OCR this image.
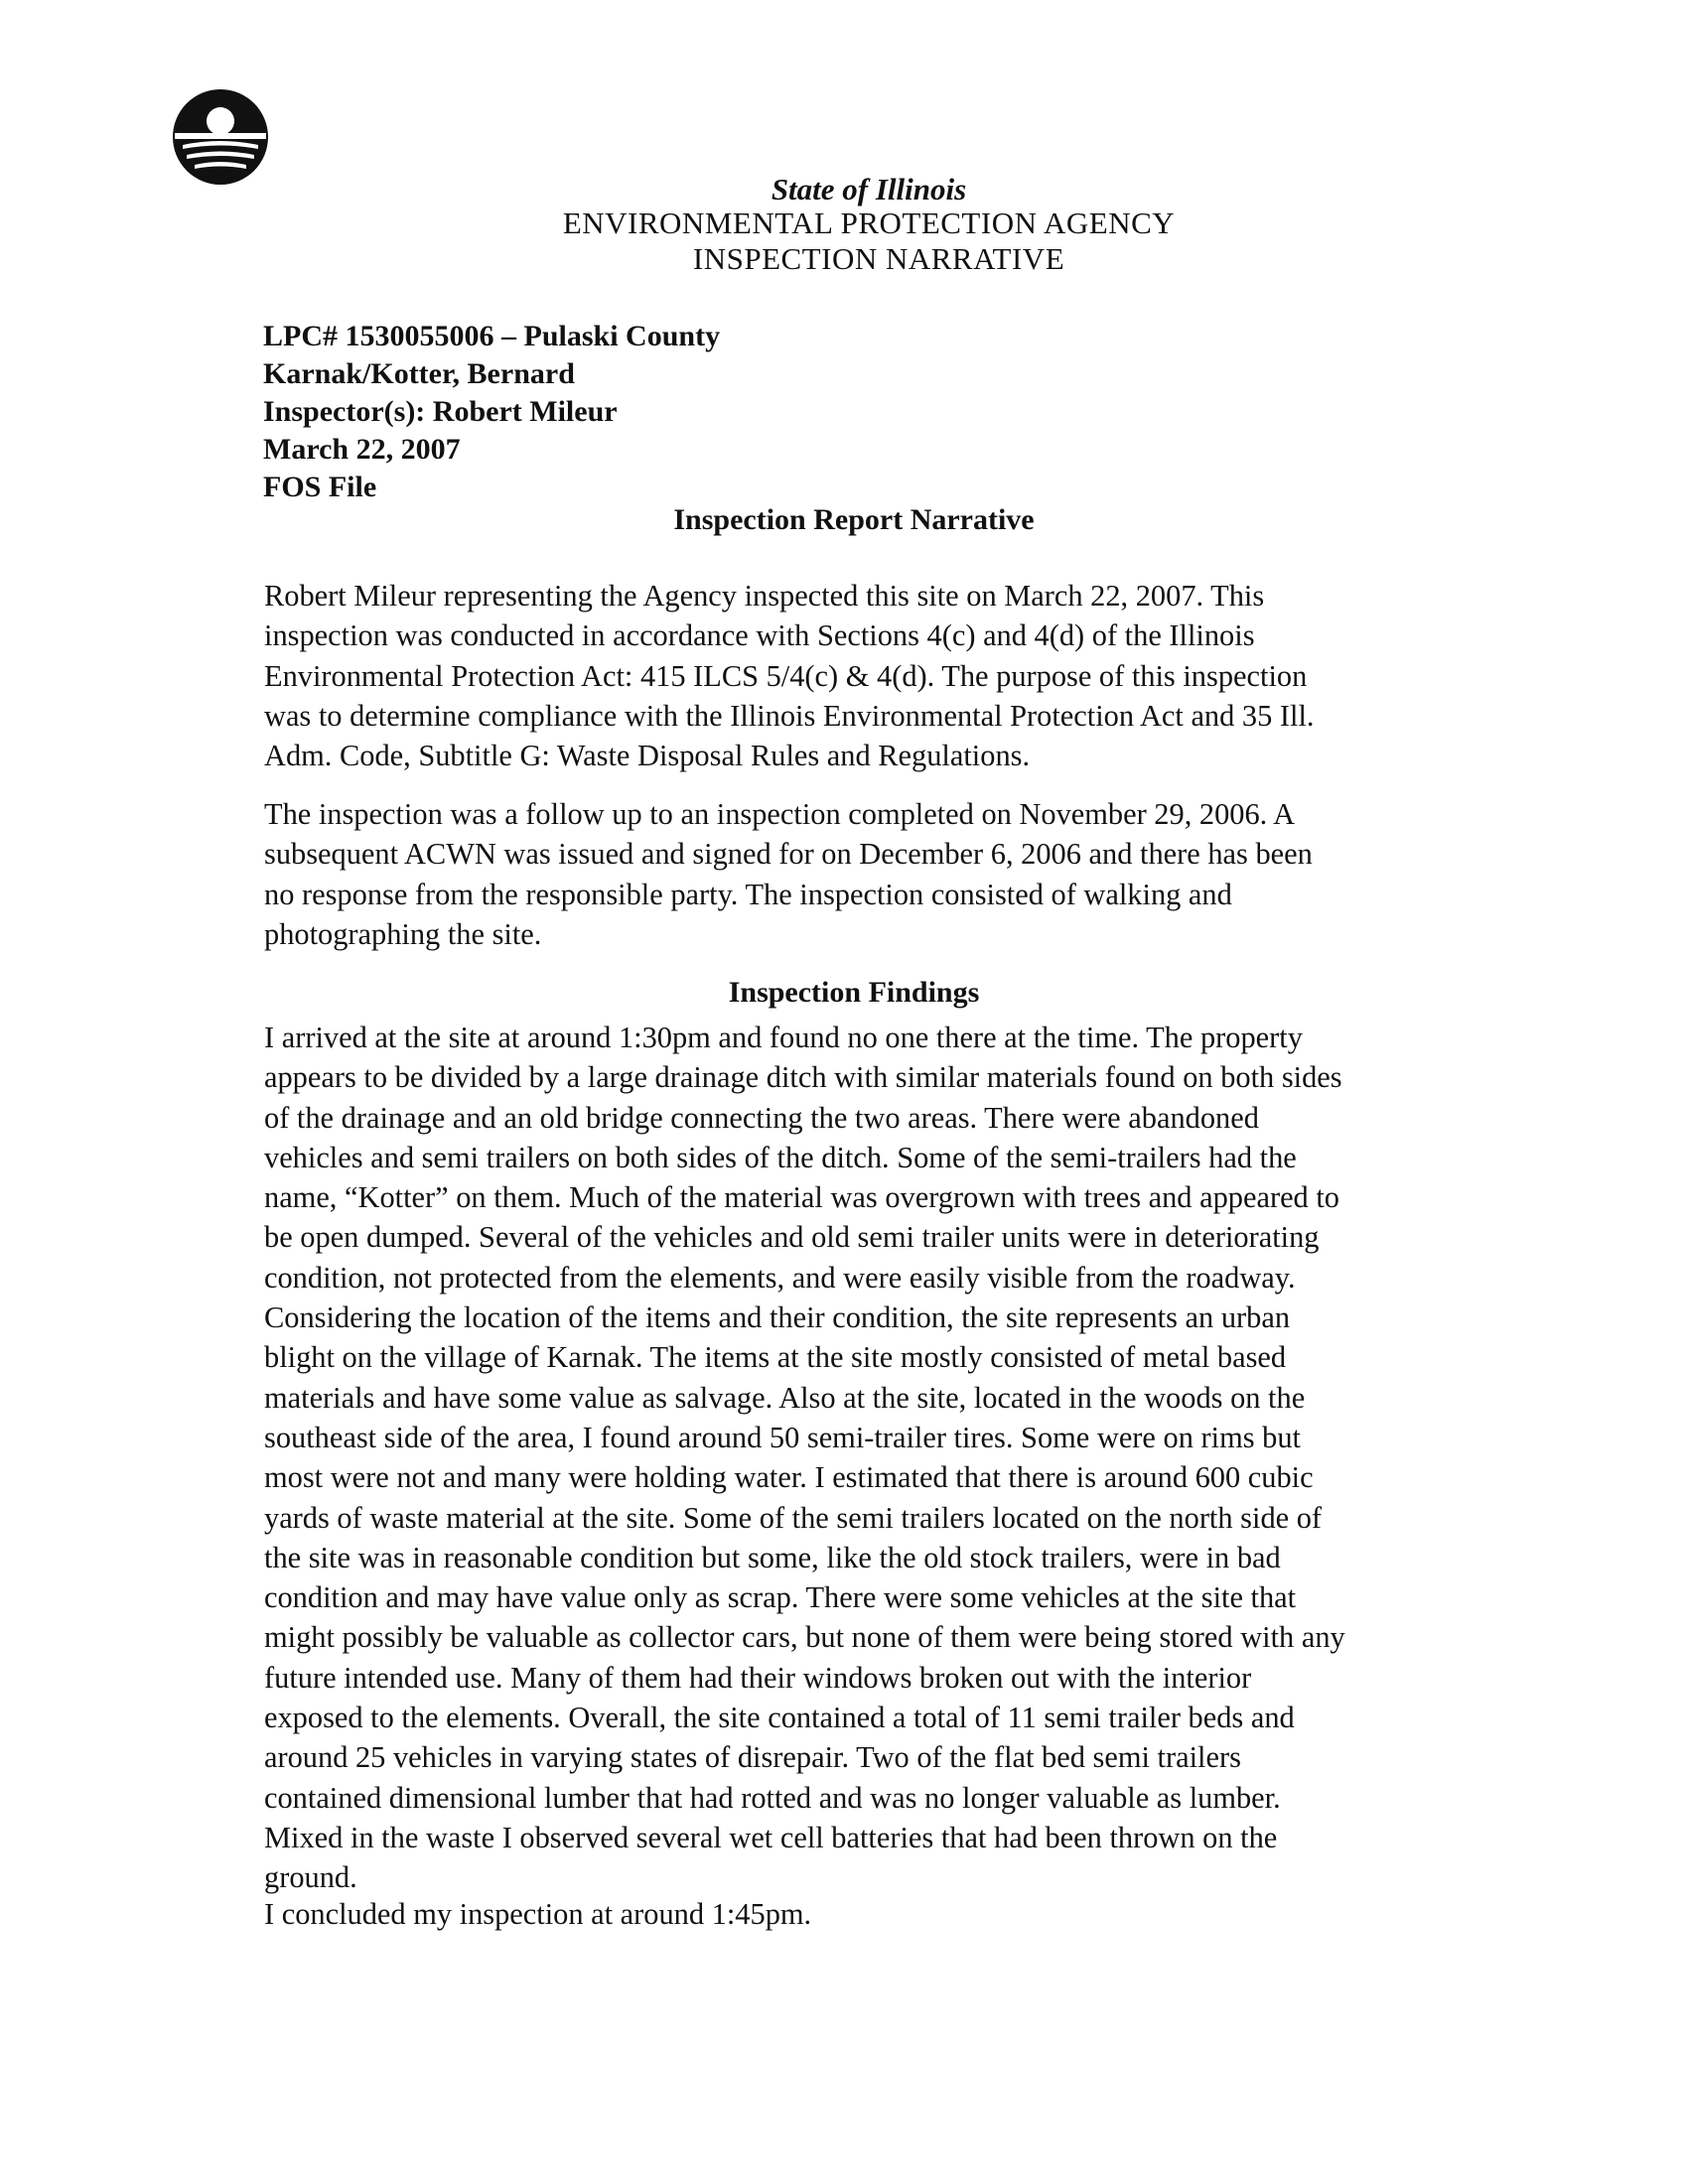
State of Illinois
ENVIRONMENTAL PROTECTION AGENCY
INSPECTION NARRATIVE
LPC# 1530055006 – Pulaski County
Karnak/Kotter, Bernard
Inspector(s): Robert Mileur
March 22, 2007
FOS File
Inspection Report Narrative

Robert Mileur representing the Agency inspected this site on March 22, 2007. This
inspection was conducted in accordance with Sections 4(c) and 4(d) of the Illinois
Environmental Protection Act: 415 ILCS 5/4(c) & 4(d). The purpose of this inspection
was to determine compliance with the Illinois Environmental Protection Act and 35 Ill.
Adm. Code, Subtitle G: Waste Disposal Rules and Regulations.

The inspection was a follow up to an inspection completed on November 29, 2006. A
subsequent ACWN was issued and signed for on December 6, 2006 and there has been
no response from the responsible party. The inspection consisted of walking and
photographing the site.

Inspection Findings

I arrived at the site at around 1:30pm and found no one there at the time. The property
appears to be divided by a large drainage ditch with similar materials found on both sides
of the drainage and an old bridge connecting the two areas. There were abandoned
vehicles and semi trailers on both sides of the ditch. Some of the semi-trailers had the
name, “Kotter” on them. Much of the material was overgrown with trees and appeared to
be open dumped. Several of the vehicles and old semi trailer units were in deteriorating
condition, not protected from the elements, and were easily visible from the roadway.
Considering the location of the items and their condition, the site represents an urban
blight on the village of Karnak. The items at the site mostly consisted of metal based
materials and have some value as salvage. Also at the site, located in the woods on the
southeast side of the area, I found around 50 semi-trailer tires. Some were on rims but
most were not and many were holding water. I estimated that there is around 600 cubic
yards of waste material at the site. Some of the semi trailers located on the north side of
the site was in reasonable condition but some, like the old stock trailers, were in bad
condition and may have value only as scrap. There were some vehicles at the site that
might possibly be valuable as collector cars, but none of them were being stored with any
future intended use. Many of them had their windows broken out with the interior
exposed to the elements. Overall, the site contained a total of 11 semi trailer beds and
around 25 vehicles in varying states of disrepair. Two of the flat bed semi trailers
contained dimensional lumber that had rotted and was no longer valuable as lumber.
Mixed in the waste I observed several wet cell batteries that had been thrown on the
ground.

I concluded my inspection at around 1:45pm.
